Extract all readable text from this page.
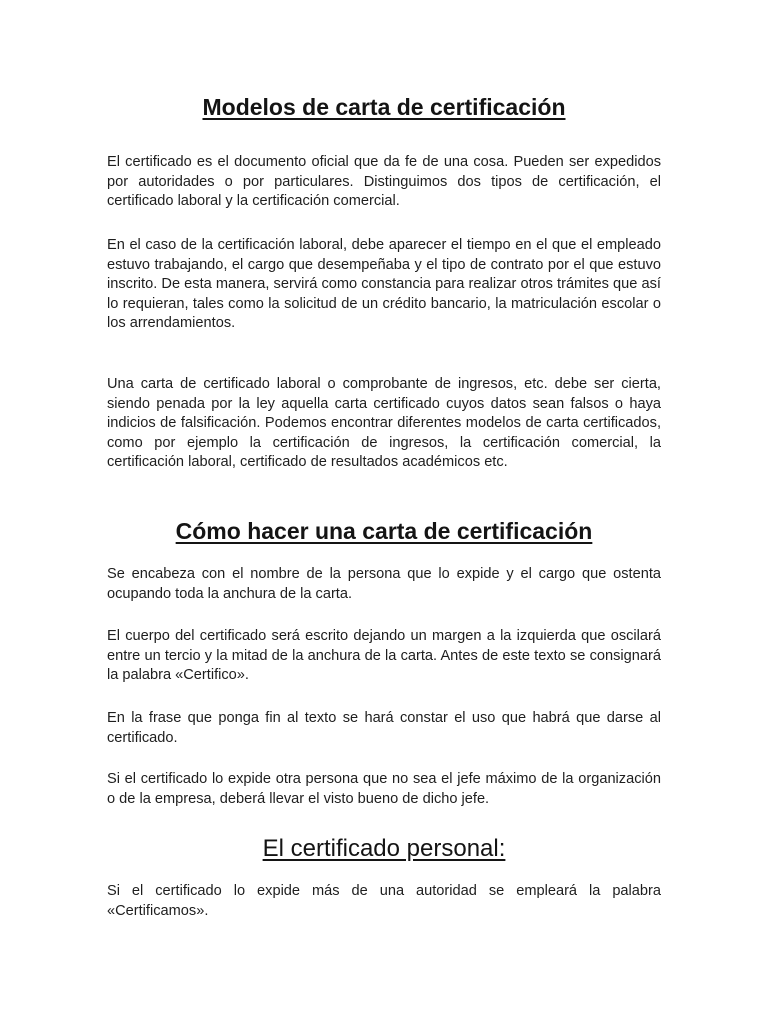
Modelos de carta de certificación

El certificado es el documento oficial que da fe de una cosa. Pueden ser expedidos por autoridades o por particulares. Distinguimos dos tipos de certificación, el certificado laboral y la certificación comercial.

En el caso de la certificación laboral, debe aparecer el tiempo en el que el empleado estuvo trabajando, el cargo que desempeñaba y el tipo de contrato por el que estuvo inscrito. De esta manera, servirá como constancia para realizar otros trámites que así lo requieran, tales como la solicitud de un crédito bancario, la matriculación escolar o los arrendamientos.

Una carta de certificado laboral o comprobante de ingresos, etc. debe ser cierta, siendo penada por la ley aquella carta certificado cuyos datos sean falsos o haya indicios de falsificación. Podemos encontrar diferentes modelos de carta certificados, como por ejemplo la certificación de ingresos, la certificación comercial, la certificación laboral, certificado de resultados académicos etc.

Cómo hacer una carta de certificación

Se encabeza con el nombre de la persona que lo expide y el cargo que ostenta ocupando toda la anchura de la carta.

El cuerpo del certificado será escrito dejando un margen a la izquierda que oscilará entre un tercio y la mitad de la anchura de la carta. Antes de este texto se consignará la palabra «Certifico».

En la frase que ponga fin al texto se hará constar el uso que habrá que darse al certificado.

Si el certificado lo expide otra persona que no sea el jefe máximo de la organización o de la empresa, deberá llevar el visto bueno de dicho jefe.

El certificado personal:

Si el certificado lo expide más de una autoridad se empleará la palabra «Certificamos».
